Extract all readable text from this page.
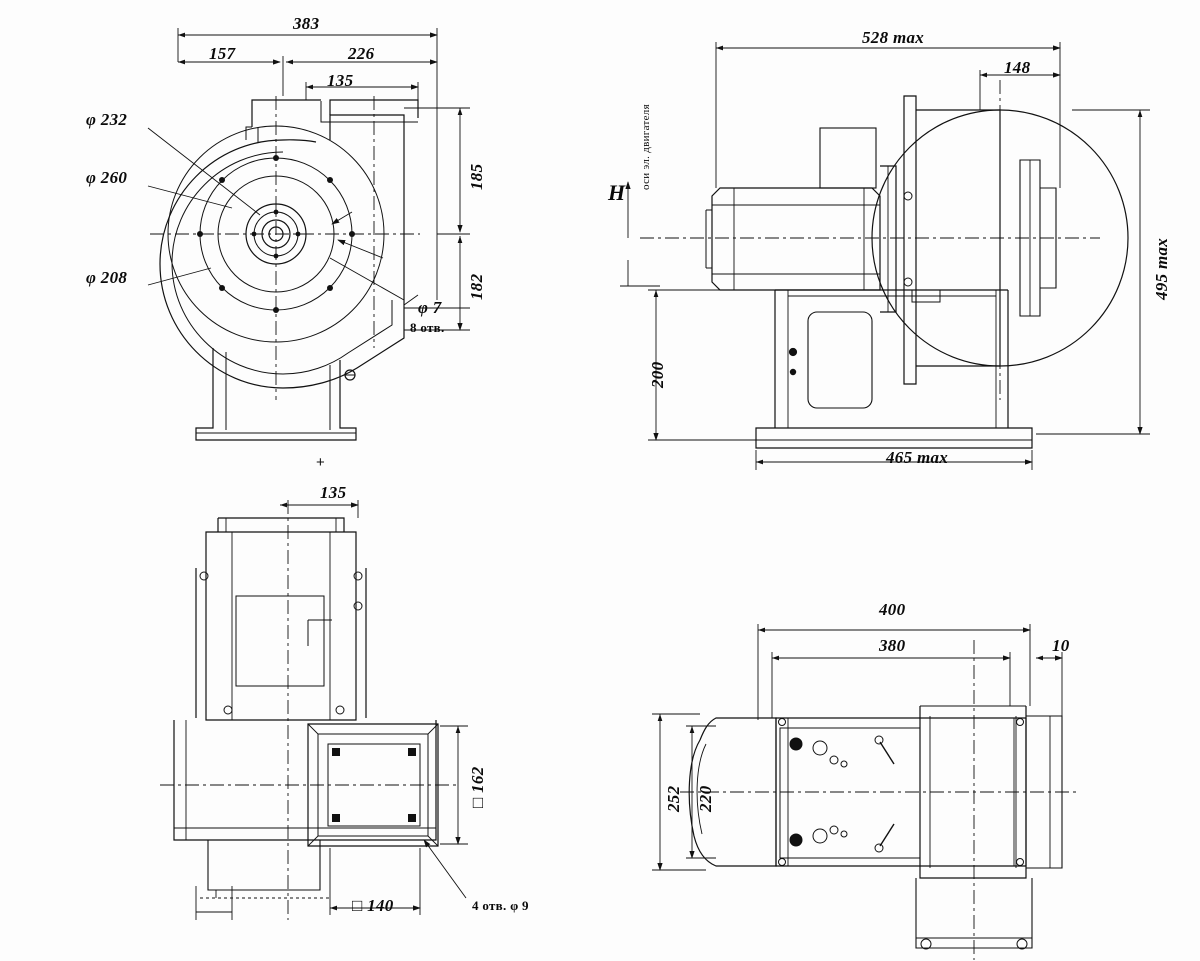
383
157	226
135
185
182
φ 232
φ 260
φ 208
φ 7
8 отв.
+
528 max
148
495 max
200
465 max
H
оси эл. двигателя
135
□ 162
□ 140	4 отв. φ 9
400
380	10
252 220
